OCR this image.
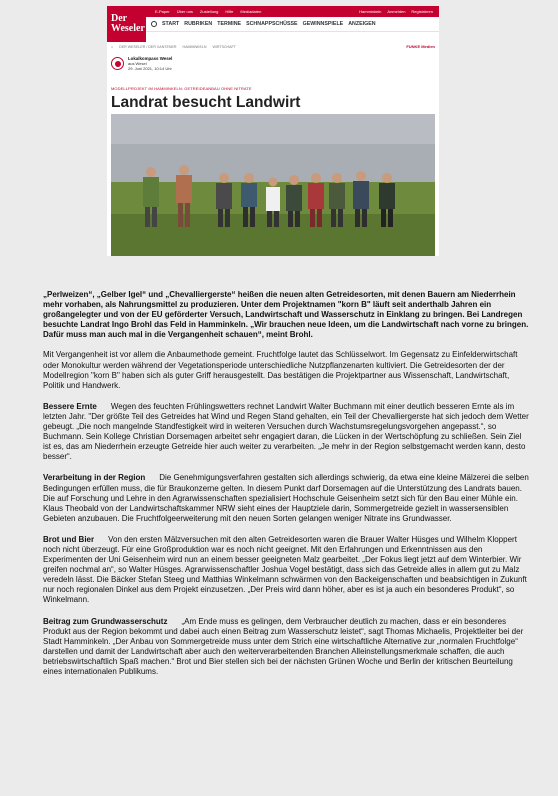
E-Paper Über uns Zustellung Hilfe Mediadaten	Hamminkeln Anmelden Registrieren
Der
Weseler	START RUBRIKEN TERMINE SCHNAPPSCHÜSSE GEWINNSPIELE ANZEIGEN
⌂ DER WESELER / DER XANTENER HAMMINKELN WIRTSCHAFT	FUNKE Medien
Lokalkompass Wesel
aus Wesel
29. Juni 2021, 10:14 Uhr
MODELLPROJEKT IM HAMMINKELN: GETREIDEANBAU OHNE NITRATE
Landrat besucht Landwirt

„Perlweizen“, „Gelber Igel“ und „Chevalliergerste“ heißen die neuen alten Getreidesorten, mit denen Bauern am Niederrhein mehr vorhaben, als Nahrungsmittel zu produzieren. Unter dem Projektnamen "korn B" läuft seit anderthalb Jahren ein großangelegter und von der EU geförderter Versuch, Landwirtschaft und Wasserschutz in Einklang zu bringen. Bei Landregen besuchte Landrat Ingo Brohl das Feld in Hamminkeln. „Wir brauchen neue Ideen, um die Landwirtschaft nach vorne zu bringen. Dafür muss man auch mal in die Vergangenheit schauen“, meint Brohl.

Mit Vergangenheit ist vor allem die Anbaumethode gemeint. Fruchtfolge lautet das Schlüsselwort. Im Gegensatz zu Einfelderwirtschaft oder Monokultur werden während der Vegetationsperiode unterschiedliche Nutzpflanzenarten kultiviert. Die Getreidesorten der der Modellregion "korn B" haben sich als guter Griff herausgestellt. Das bestätigen die Projektpartner aus Wissenschaft, Landwirtschaft, Politik und Handwerk.

Bessere Ernte Wegen des feuchten Frühlingswetters rechnet Landwirt Walter Buchmann mit einer deutlich besseren Ernte als im letzten Jahr. "Der größte Teil des Getreides hat Wind und Regen Stand gehalten, ein Teil der Chevalliergerste hat sich jedoch dem Wetter gebeugt. „Die noch mangelnde Standfestigkeit wird in weiteren Versuchen durch Wachstumsregelungsvorgehen angepasst.“, so Buchmann. Sein Kollege Christian Dorsemagen arbeitet sehr engagiert daran, die Lücken in der Wertschöpfung zu schließen. Sein Ziel ist es, das am Niederrhein erzeugte Getreide hier auch weiter zu verarbeiten. „Je mehr in der Region selbstgemacht werden kann, desto besser“.

Verarbeitung in der Region Die Genehmigungsverfahren gestalten sich allerdings schwierig, da etwa eine kleine Mälzerei die selben Bedingungen erfüllen muss, die für Braukonzerne gelten. In diesem Punkt darf Dorsemagen auf die Unterstützung des Landrats bauen. Die auf Forschung und Lehre in den Agrarwissenschaften spezialisiert Hochschule Geisenheim setzt sich für den Bau einer Mühle ein. Klaus Theobald von der Landwirtschaftskammer NRW sieht eines der Hauptziele darin, Sommergetreide gezielt in wassersensiblen Gebieten anzubauen. Die Fruchtfolgeerweiterung mit den neuen Sorten gelangen weniger Nitrate ins Grundwasser.

Brot und Bier Von den ersten Mälzversuchen mit den alten Getreidesorten waren die Brauer Walter Hüsges und Wilhelm Kloppert noch nicht überzeugt. Für eine Großproduktion war es noch nicht geeignet. Mit den Erfahrungen und Erkenntnissen aus den Experimenten der Uni Geisenheim wird nun an einem besser geeigneten Malz gearbeitet. „Der Fokus liegt jetzt auf dem Winterbier. Wir greifen nochmal an“, so Walter Hüsges. Agrarwissenschaftler Joshua Vogel bestätigt, dass sich das Getreide alles in allem gut zu Malz veredeln lässt. Die Bäcker Stefan Steeg und Matthias Winkelmann schwärmen von den Backeigenschaften und beabsichtigen in Zukunft nur noch regionalen Dinkel aus dem Projekt einzusetzen. „Der Preis wird dann höher, aber es ist ja auch ein besonderes Produkt“, so Winkelmann.

Beitrag zum Grundwasserschutz „Am Ende muss es gelingen, dem Verbraucher deutlich zu machen, dass er ein besonderes Produkt aus der Region bekommt und dabei auch einen Beitrag zum Wasserschutz leistet“, sagt Thomas Michaelis, Projektleiter bei der Stadt Hamminkeln. „Der Anbau von Sommergetreide muss unter dem Strich eine wirtschaftliche Alternative zur „normalen Fruchtfolge“ darstellen und damit der Landwirtschaft aber auch den weiterverarbeitenden Branchen Alleinstellungsmerkmale schaffen, die auch betriebswirtschaftlich Spaß machen.“ Brot und Bier stellen sich bei der nächsten Grünen Woche und Berlin der kritischen Beurteilung eines internationalen Publikums.
